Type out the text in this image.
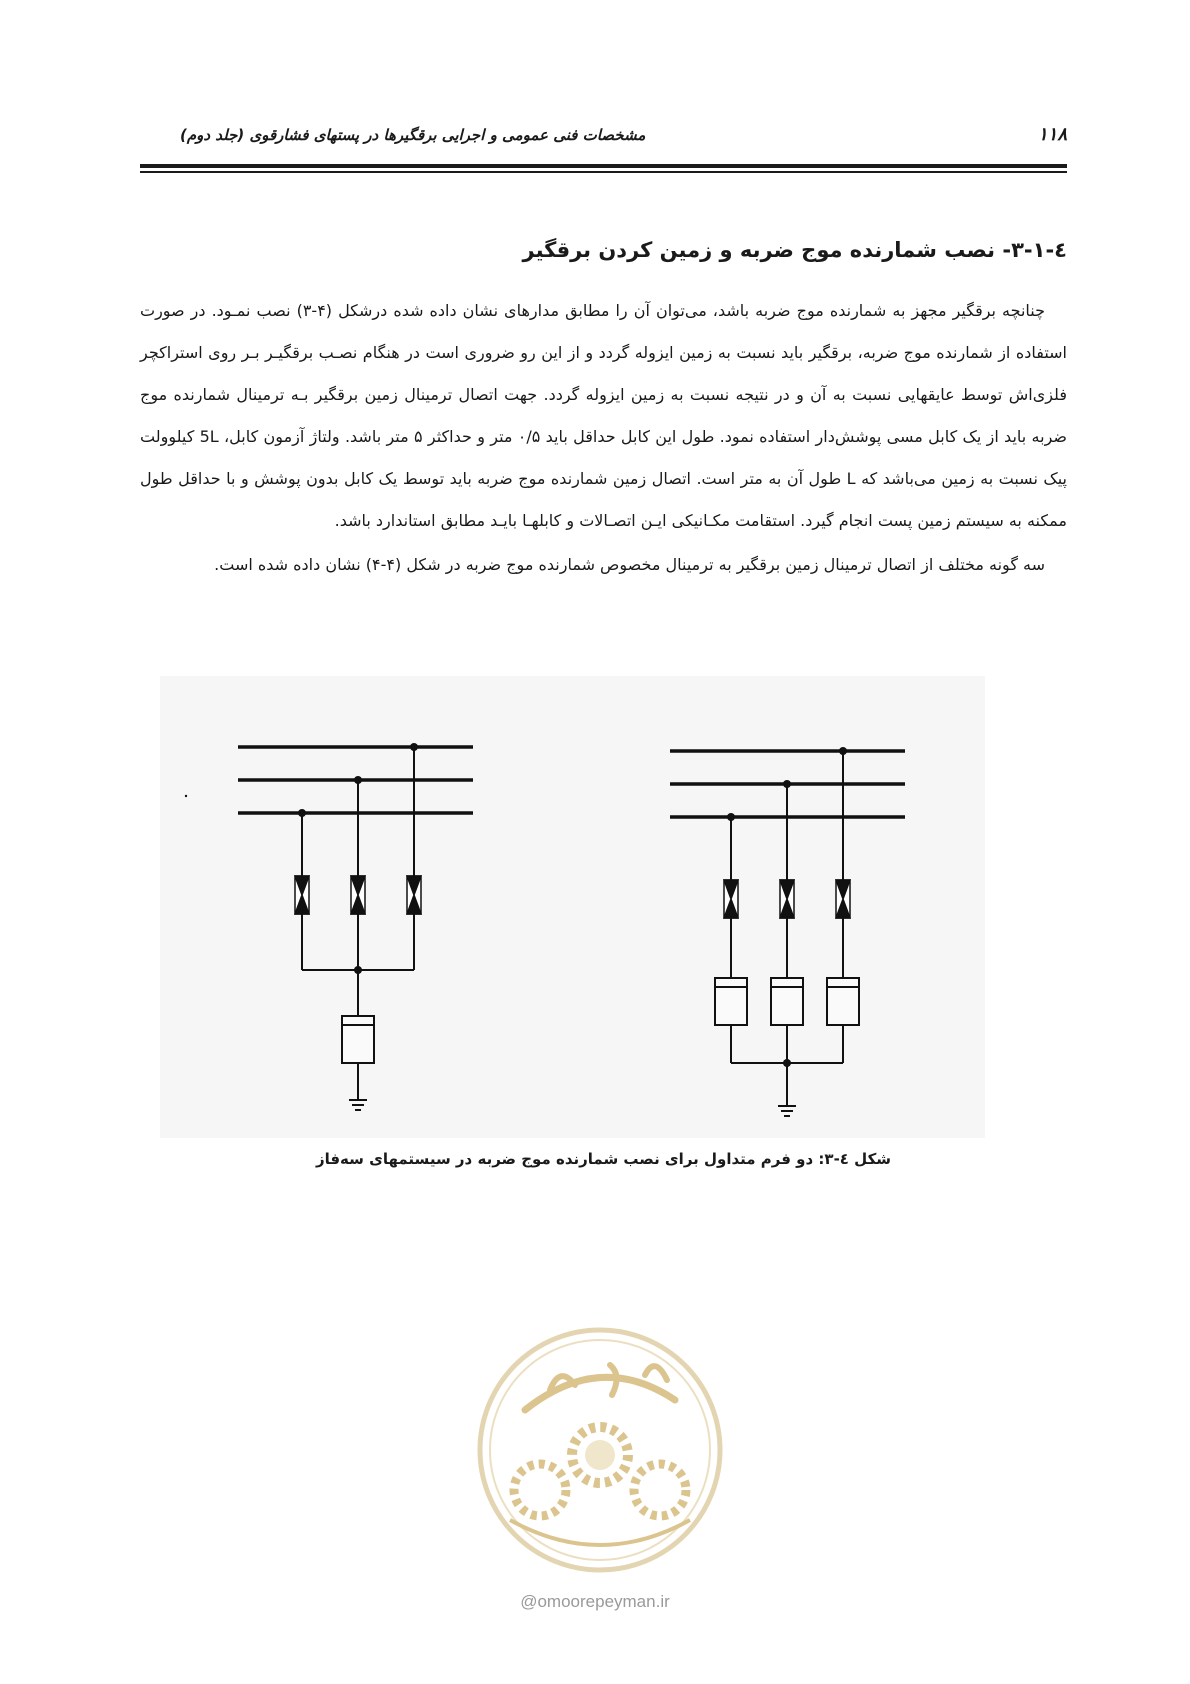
۱۱۸
مشخصات فنی عمومی و اجرایی برقگیرها در پستهای فشارقوی (جلد دوم)
٤-١-٣- نصب شمارنده موج ضربه و زمین کردن برقگیر

چنانچه برقگیر مجهز به شمارنده موج ضربه باشد، می‌توان آن را مطابق مدارهای نشان داده شده درشکل (۴-۳) نصب نمـود. در صورت استفاده از شمارنده موج ضربه، برقگیر باید نسبت به زمین ایزوله گردد و از این رو ضروری است در هنگام نصـب برقگیـر بـر روی استراکچر فلزی‌اش توسط عایقهایی نسبت به آن و در نتیجه نسبت به زمین ایزوله گردد. جهت اتصال ترمینال زمین برقگیر بـه ترمینال شمارنده موج ضربه باید از یک کابل مسی پوشش‌دار استفاده نمود. طول این کابل حداقل باید ۰/۵ متر و حداکثر ۵ متر باشد. ولتاژ آزمون کابل، 5L کیلوولت پیک نسبت به زمین می‌باشد که L طول آن به متر است. اتصال زمین شمارنده موج ضربه باید توسط یک کابل بدون پوشش و با حداقل طول ممکنه به سیستم زمین پست انجام گیرد. استقامت مکـانیکی ایـن اتصـالات و کابلهـا بایـد مطابق استاندارد باشد.

سه گونه مختلف از اتصال ترمینال زمین برقگیر به ترمینال مخصوص شمارنده موج ضربه در شکل (۴-۴) نشان داده شده است.

شکل ٤-٣: دو فرم متداول برای نصب شمارنده موج ضربه در سیستمهای سه‌فاز
@omoorepeyman.ir
